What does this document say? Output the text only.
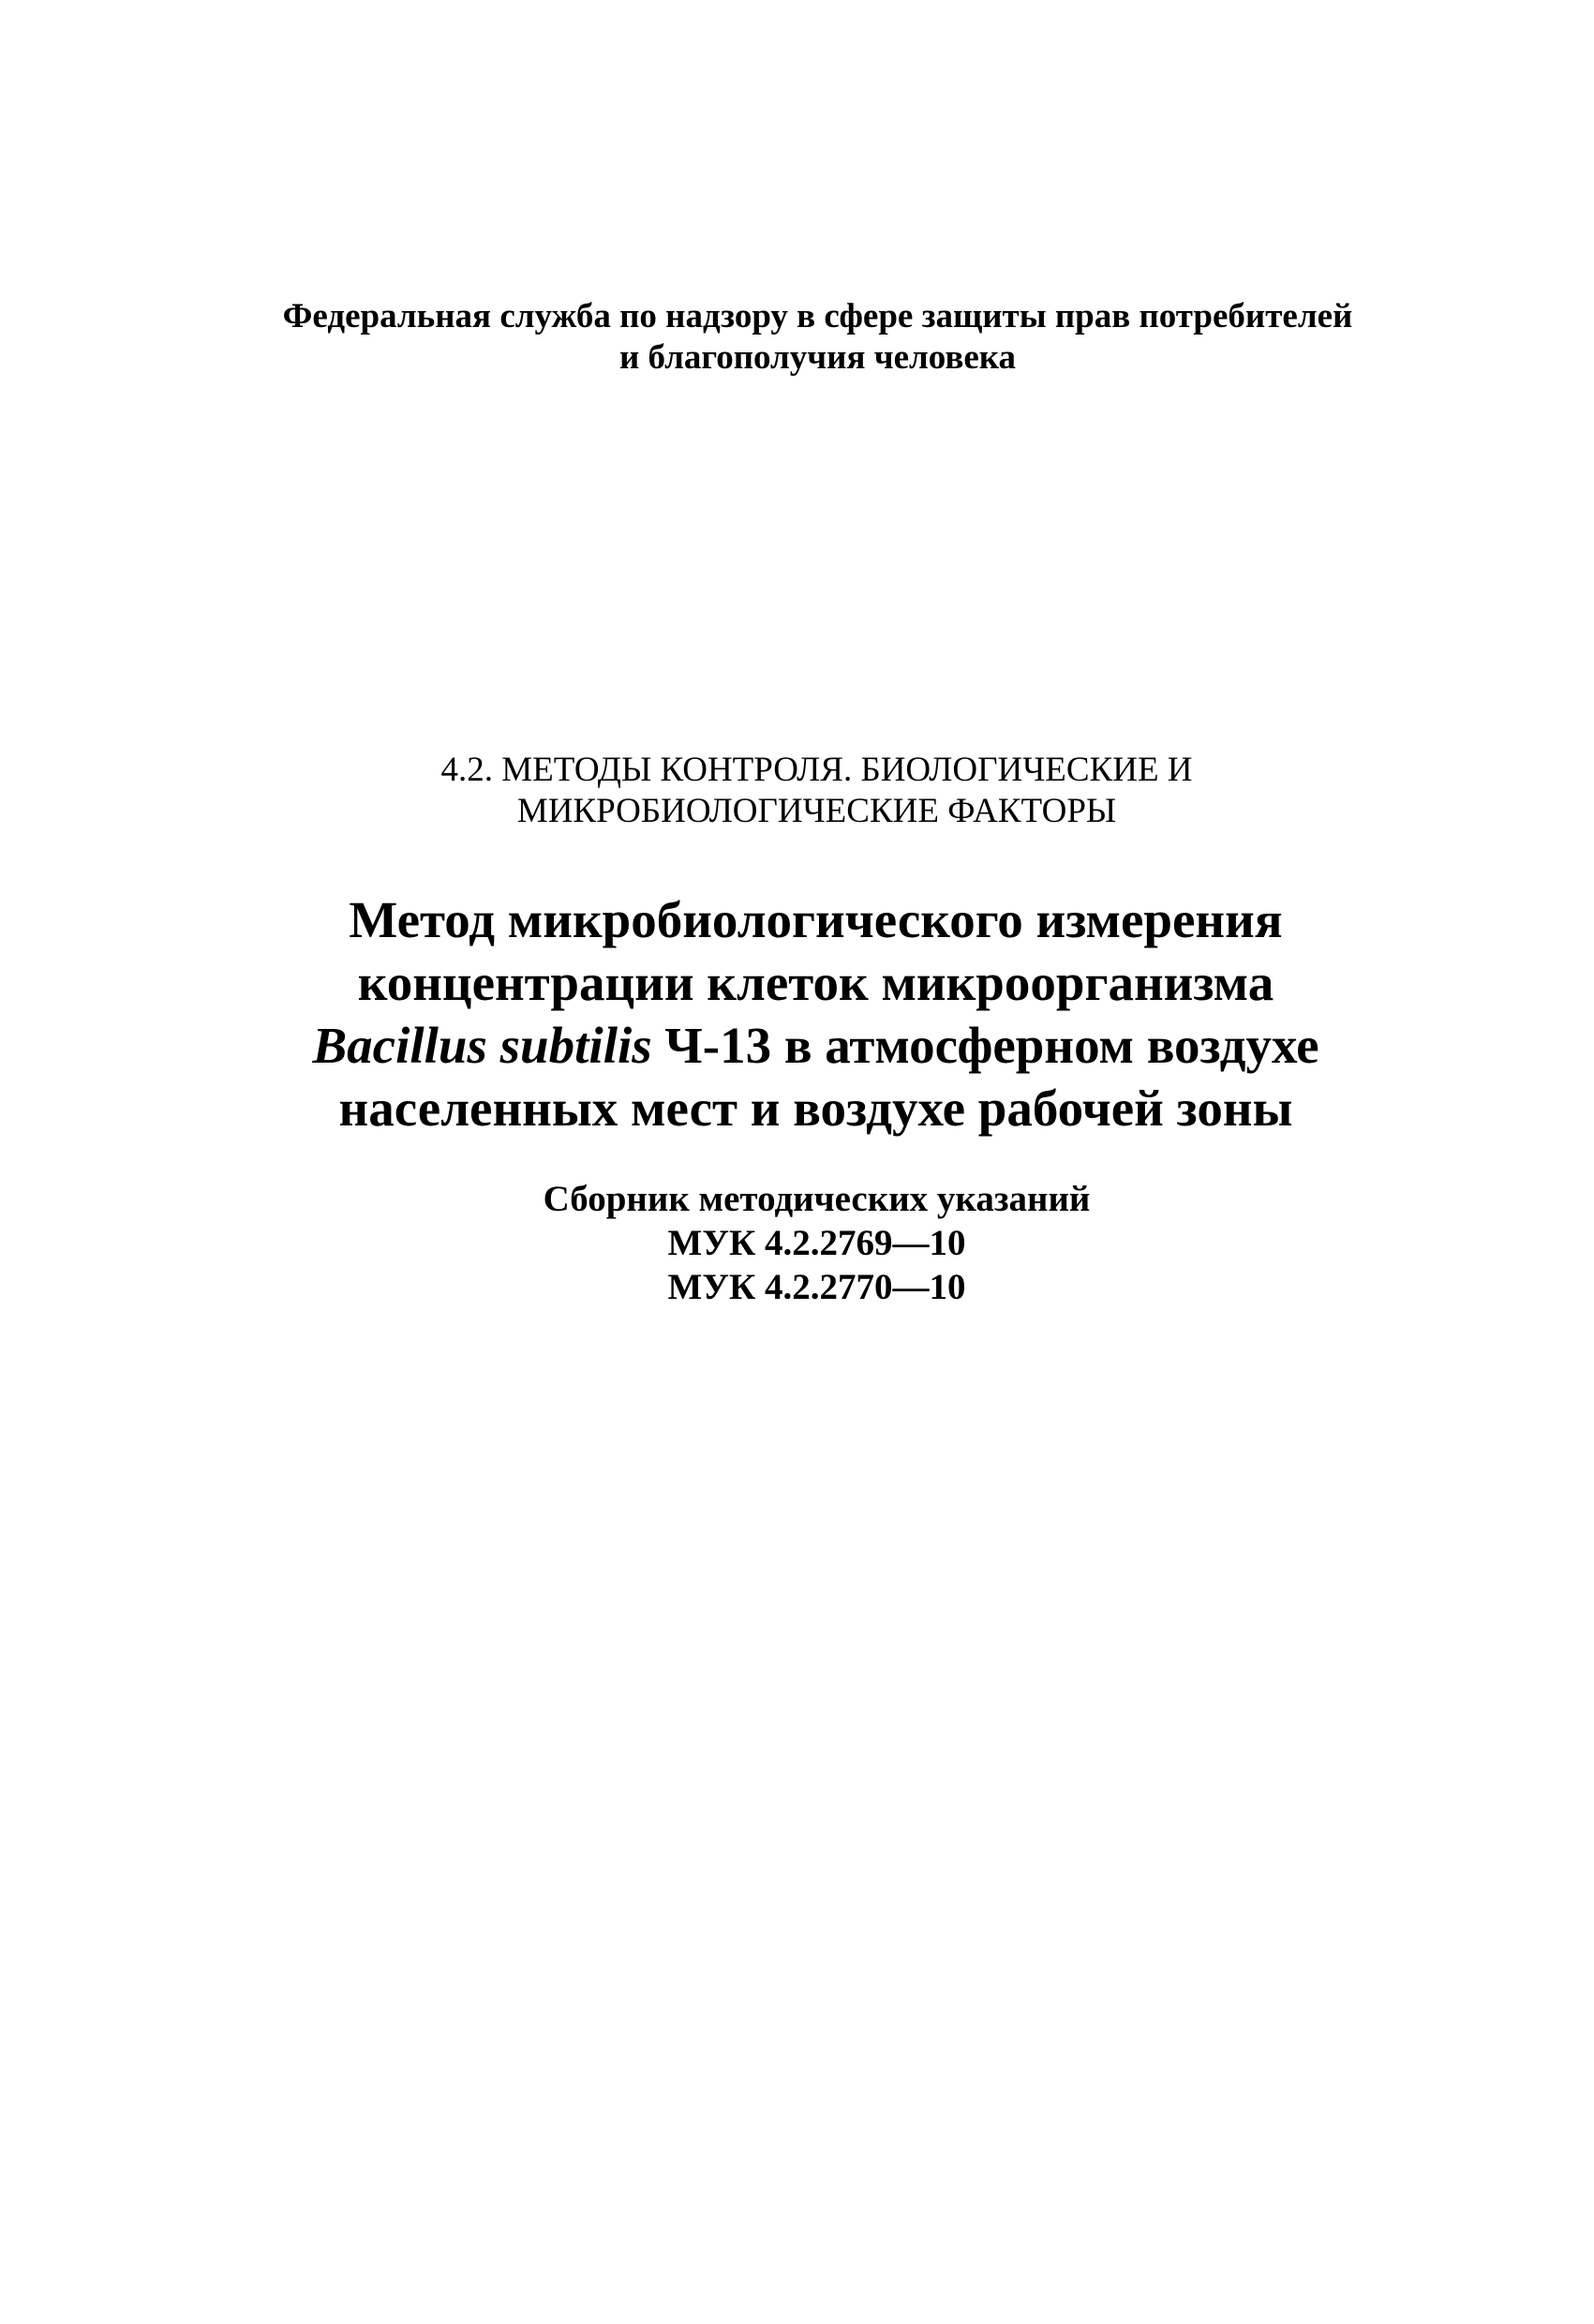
Федеральная служба по надзору в сфере защиты прав потребителей
и благополучия человека
4.2. МЕТОДЫ КОНТРОЛЯ. БИОЛОГИЧЕСКИЕ И
МИКРОБИОЛОГИЧЕСКИЕ ФАКТОРЫ
Метод микробиологического измерения
концентрации клеток микроорганизма
Bacillus subtilis Ч-13 в атмосферном воздухе
населенных мест и воздухе рабочей зоны
Сборник методических указаний
МУК 4.2.2769—10
МУК 4.2.2770—10
